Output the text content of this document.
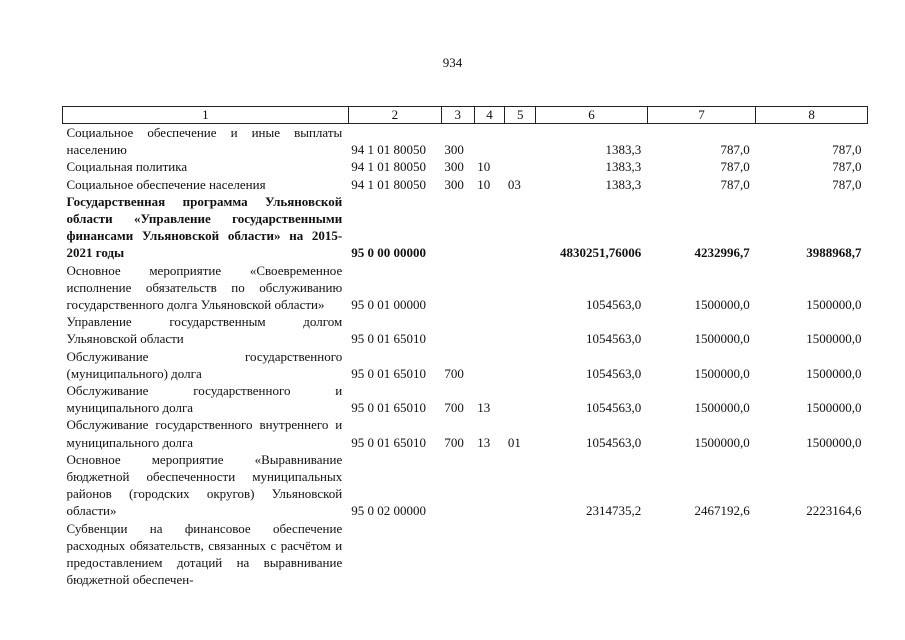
934
1	2	3	4	5	6	7	8
Социальное обеспечение и иные выплаты населению	94 1 01 80050	300			1383,3	787,0	787,0
Социальная политика	94 1 01 80050	300	10		1383,3	787,0	787,0
Социальное обеспечение населения	94 1 01 80050	300	10	03	1383,3	787,0	787,0
Государственная программа Ульяновской области «Управление государственными финансами Ульяновской области» на 2015-2021 годы	95 0 00 00000				4830251,76006	4232996,7	3988968,7
Основное мероприятие «Своевременное исполнение обязательств по обслуживанию государственного долга Ульяновской области»	95 0 01 00000				1054563,0	1500000,0	1500000,0
Управление государственным долгом Ульяновской области	95 0 01 65010				1054563,0	1500000,0	1500000,0
Обслуживание государственного (муниципального) долга	95 0 01 65010	700			1054563,0	1500000,0	1500000,0
Обслуживание государственного и муниципального долга	95 0 01 65010	700	13		1054563,0	1500000,0	1500000,0
Обслуживание государственного внутреннего и муниципального долга	95 0 01 65010	700	13	01	1054563,0	1500000,0	1500000,0
Основное мероприятие «Выравнивание бюджетной обеспеченности муниципальных районов (городских округов) Ульяновской области»	95 0 02 00000				2314735,2	2467192,6	2223164,6
Субвенции на финансовое обеспечение расходных обязательств, связанных с расчётом и предоставлением дотаций на выравнивание бюджетной обеспечен-							
